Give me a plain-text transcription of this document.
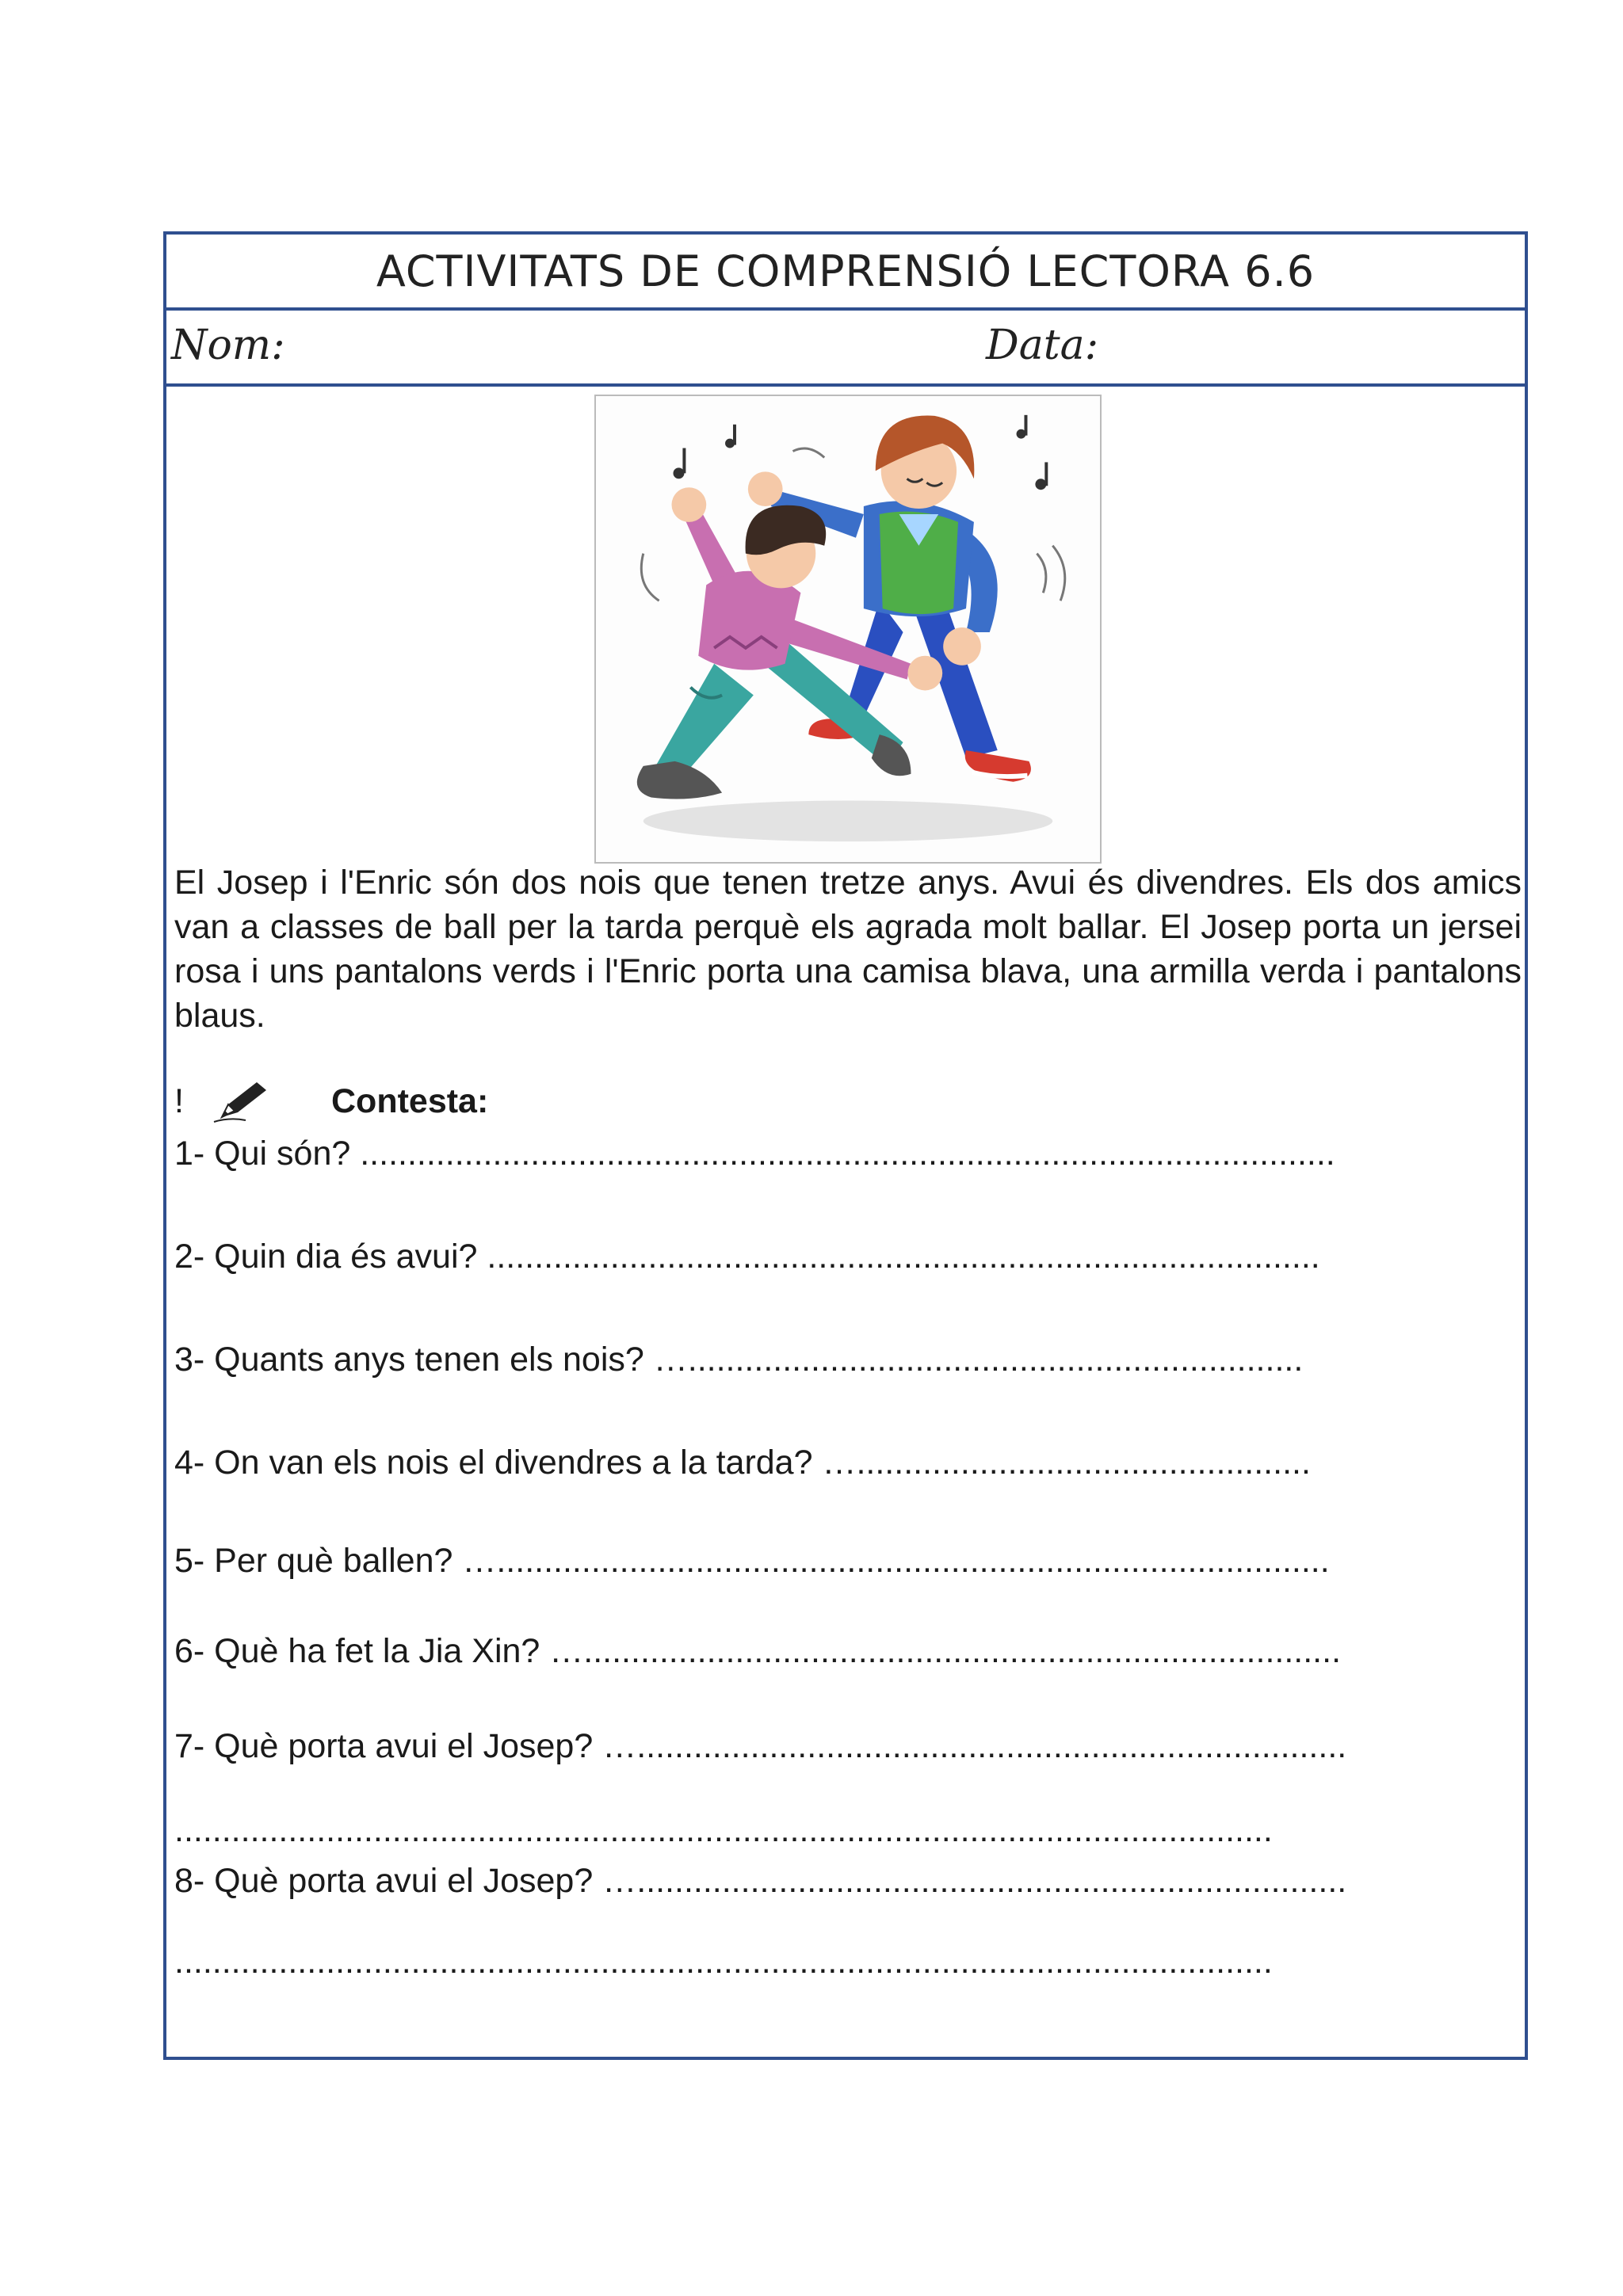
ACTIVITATS DE COMPRENSIÓ LECTORA 6.6
Nom:	Data:
El Josep i l'Enric són dos nois que tenen tretze anys. Avui és divendres. Els dos amics van a classes de ball per la tarda perquè els agrada molt ballar. El Josep porta un jersei rosa i uns pantalons verds i l'Enric porta una camisa blava, una armilla verda i pantalons blaus.
!	Contesta:
1- Qui són? .......................................................................................................
2- Quin dia és avui? ........................................................................................
3- Quants anys tenen els nois? ….................................................................
4- On van els nois el divendres a la tarda? …................................................
5- Per què ballen? …........................................................................................
6- Què ha fet la Jia Xin? …................................................................................
7- Què porta avui el Josep? …...........................................................................
....................................................................................................................
8- Què porta avui el Josep? …...........................................................................
....................................................................................................................
